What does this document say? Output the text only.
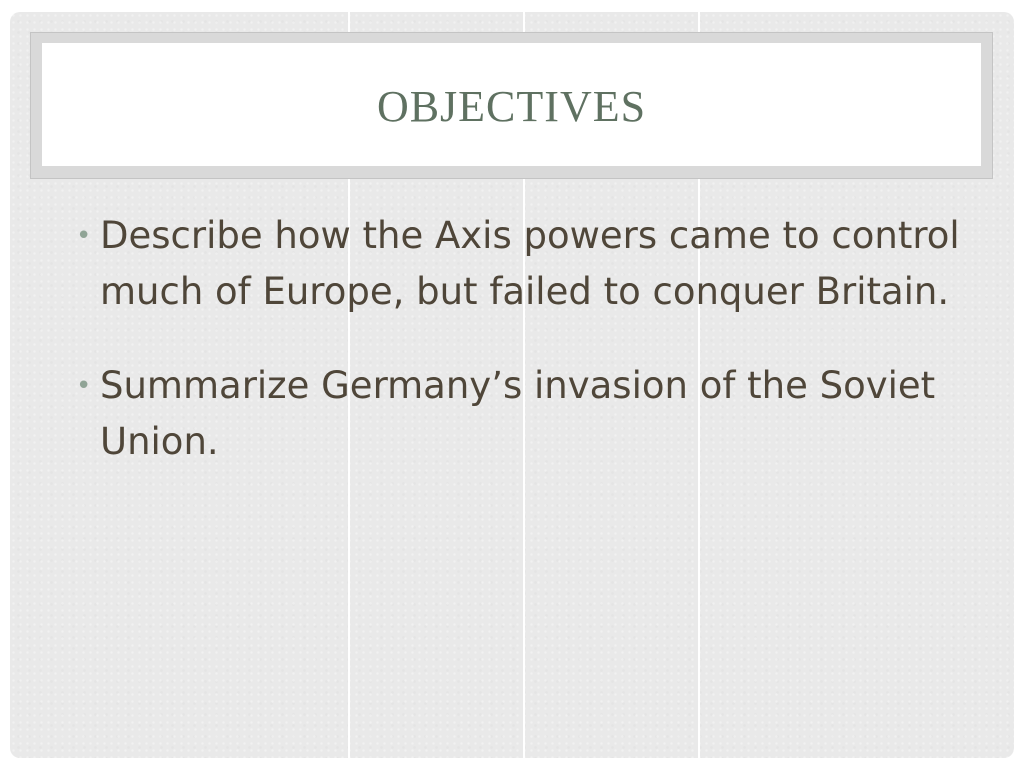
OBJECTIVES
• Describe how the Axis powers came to control much of Europe, but failed to conquer Britain.
• Summarize Germany’s invasion of the Soviet Union.
